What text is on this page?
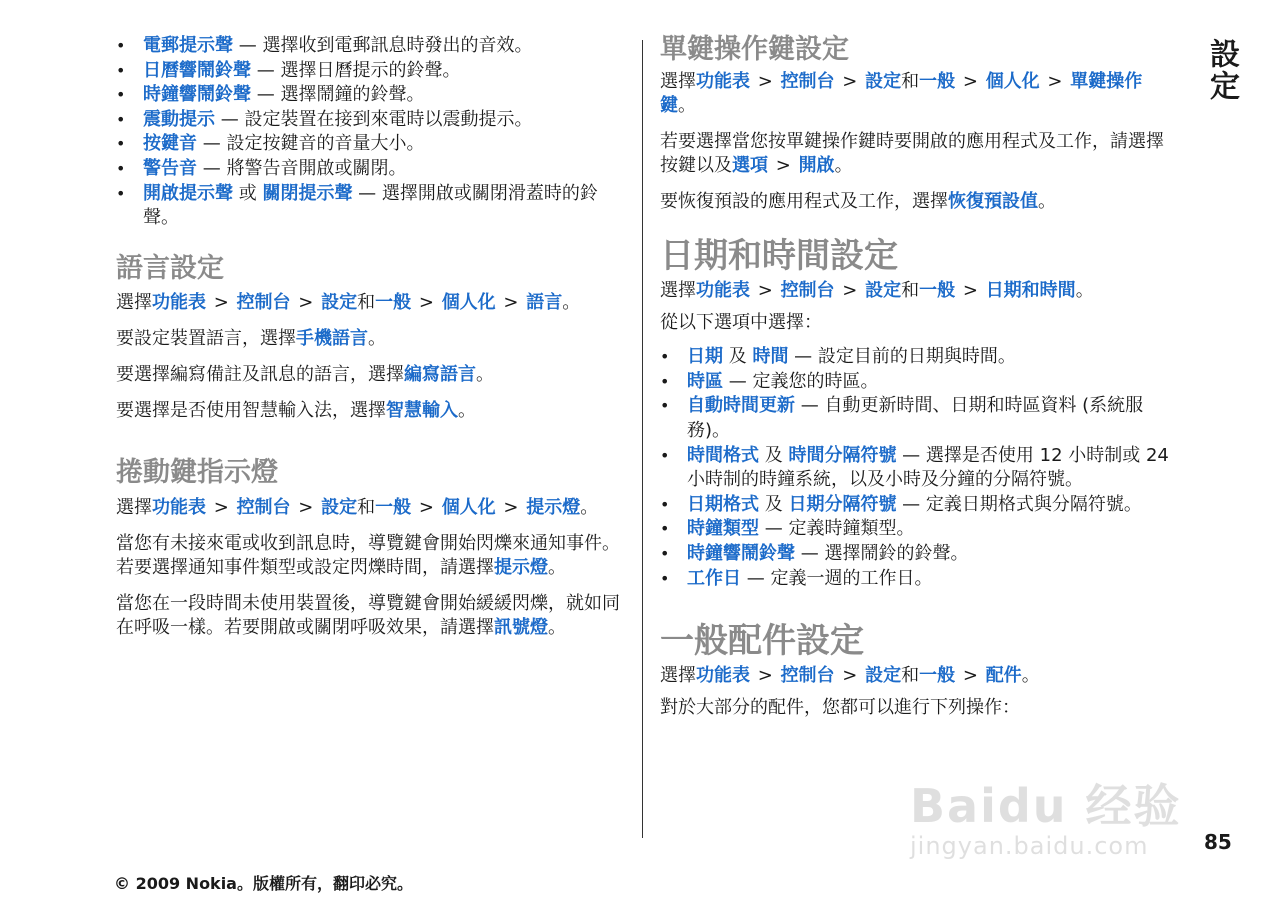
• 電郵提示聲 — 選擇收到電郵訊息時發出的音效。
• 日曆響鬧鈴聲 — 選擇日曆提示的鈴聲。
• 時鐘響鬧鈴聲 — 選擇鬧鐘的鈴聲。
• 震動提示 — 設定裝置在接到來電時以震動提示。
• 按鍵音 — 設定按鍵音的音量大小。
• 警告音 — 將警告音開啟或關閉。
• 開啟提示聲 或 關閉提示聲 — 選擇開啟或關閉滑蓋時的鈴聲。
語言設定

選擇功能表 > 控制台 > 設定和一般 > 個人化 > 語言。

要設定裝置語言，選擇手機語言。

要選擇編寫備註及訊息的語言，選擇編寫語言。

要選擇是否使用智慧輸入法，選擇智慧輸入。

捲動鍵指示燈

選擇功能表 > 控制台 > 設定和一般 > 個人化 > 提示燈。

當您有未接來電或收到訊息時，導覽鍵會開始閃爍來通知事件。 若要選擇通知事件類型或設定閃爍時間，請選擇提示燈。

當您在一段時間未使用裝置後，導覽鍵會開始緩緩閃爍，就如同在呼吸一樣。若要開啟或關閉呼吸效果，請選擇訊號燈。

單鍵操作鍵設定

選擇功能表 > 控制台 > 設定和一般 > 個人化 > 單鍵操作鍵。

若要選擇當您按單鍵操作鍵時要開啟的應用程式及工作，請選擇按鍵以及選項 > 開啟。

要恢復預設的應用程式及工作，選擇恢復預設值。

日期和時間設定

選擇功能表 > 控制台 > 設定和一般 > 日期和時間。

從以下選項中選擇：

• 日期 及 時間 — 設定目前的日期與時間。
• 時區 — 定義您的時區。
• 自動時間更新 — 自動更新時間、日期和時區資料 (系統服務)。
• 時間格式 及 時間分隔符號 — 選擇是否使用 12 小時制或 24 小時制的時鐘系統，以及小時及分鐘的分隔符號。
• 日期格式 及 日期分隔符號 — 定義日期格式與分隔符號。
• 時鐘類型 — 定義時鐘類型。
• 時鐘響鬧鈴聲 — 選擇鬧鈴的鈴聲。
• 工作日 — 定義一週的工作日。
一般配件設定

選擇功能表 > 控制台 > 設定和一般 > 配件。

對於大部分的配件，您都可以進行下列操作：

設定
85
© 2009 Nokia。版權所有，翻印必究。
Baidu 经验
jingyan.baidu.com
